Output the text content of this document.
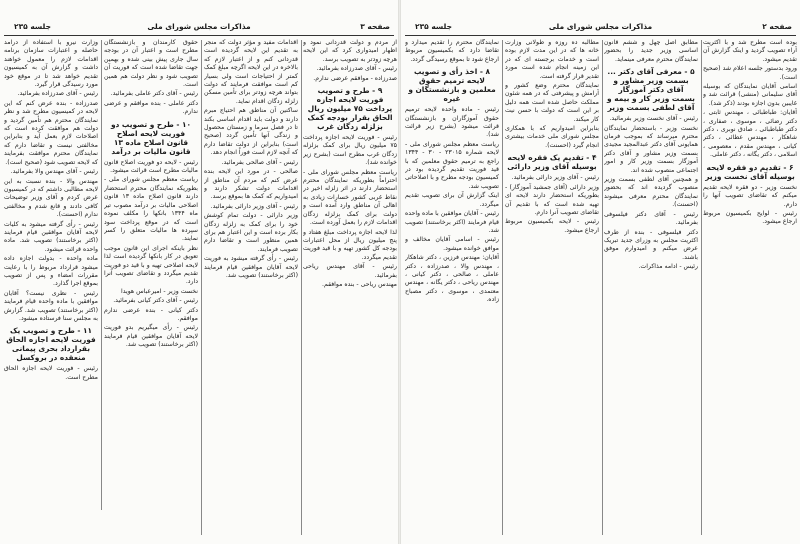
صفحه ۳
مذاکرات مجلس شورای ملی
جلسه ۲۳۵

وزارت نیرو با استفاده از درآمد حاصله و اعتبارات سازمان برنامه اقدامات لازم را معمول خواهند داشت و گزارش آن به کمیسیون تقدیم خواهد شد تا در موقع خود مورد رسیدگی قرار گیرد.

رئیس - آقای صدرزاده بفرمائید.

صدرزاده - بنده عرض کنم که این لایحه در کمیسیون مطرح شد و نظر نمایندگان محترم هم تأمین گردید و دولت هم موافقت کرده است که اصلاحات لازم بعمل آید و بنابراین مخالفتی نیست و تقاضا دارم که نمایندگان محترم موافقت بفرمایند که لایحه تصویب شود (صحیح است).

رئیس - آقای مهندس والا بفرمائید.

مهندس والا - بنده نسبت به این لایحه مطالبی داشتم که در کمیسیون عرض کردم و آقای وزیر توضیحات کافی دادند و قانع شدم و مخالفتی ندارم (احسنت).

رئیس - رأی گرفته میشود به کلیات لایحه آقایان موافقین قیام فرمایند (اکثر برخاستند) تصویب شد. ماده واحده قرائت میشود.

ماده واحده - بدولت اجازه داده میشود قرارداد مربوط را با رعایت مقررات امضاء و پس از تصویب بموقع اجرا گذارد.

رئیس - نظری نیست؟ آقایان موافقین با ماده واحده قیام فرمایند (اکثر برخاستند) تصویب شد. گزارش به مجلس سنا فرستاده میشود.

۱۱ - طرح و تصویب یک فوریت لایحه اجازه الحاق بقرارداد بحری پیمانی منعقده در بروکسل

رئیس - فوریت لایحه اجازه الحاق مطرح است.

حقوق کارمندان و بازنشستگان مطرح است و اعتبار آن در بودجه سال جاری پیش بینی شده و بهمین جهت تقاضا شده است که فوریت آن تصویب شود و نظر دولت هم همین است.

رئیس - آقای دکتر عاملی بفرمائید.

دکتر عاملی - بنده موافقم و عرضی ندارم.

۱۰ - طرح و تصویب دو فوریت لایحه اصلاح قانون اصلاح ماده ۱۳ قانون مالیات بر درآمد

رئیس - لایحه دو فوریت اصلاح قانون مالیات مطرح است قرائت میشود.

ریاست معظم مجلس شورای ملی - بطوریکه نمایندگان محترم استحضار دارند قانون اصلاح ماده ۱۳ قانون اصلاحی مالیات بر درآمد مصوب تیر ماه ۱۳۴۴ بانکها را مکلف نموده است که در موقع پرداخت سود سپرده ها مالیات متعلق را کسر نمایند.

نظر باینکه اجرای این قانون موجب تعویق در کار بانکها گردیده است لذا لایحه اصلاحی تهیه و با قید دو فوریت تقدیم میگردد و تقاضای تصویب آنرا دارد.

نخست وزیر - امیرعباس هویدا

رئیس - آقای دکتر کیانی بفرمائید.

دکتر کیانی - بنده عرضی ندارم موافقم.

رئیس - رأی میگیریم بدو فوریت لایحه آقایان موافقین قیام فرمایند (اکثر برخاستند) تصویب شد.

اقدامات مفید و مؤثر دولت که منجر به تقدیم این لایحه گردیده است قدردانی کنم و از اعتبار لازم که بالاخره در این لایحه اگرچه مبلغ کمک کمتر از احتیاجات است ولی بسیار کم است موافقت فرمایند که دولت بتواند هرچه زودتر برای تأمین مسکن زلزله زدگان اقدام نماید.

ساکنین آن مناطق هم احتیاج مبرم دارند و دولت باید اقدام اساسی بکند تا در فصل سرما و زمستان محصول و زندگی آنها تأمین گردد (صحیح است) بنابراین از دولت تقاضا دارم که آنچه لازم است فوراً انجام دهد.

رئیس - آقای صالحی بفرمائید.

صالحی - در مورد این لایحه بنده عرض کنم که مردم آن مناطق از اقدامات دولت تشکر دارند و امیدواریم که کمک ها بموقع برسد.

رئیس - آقای وزیر دارائی بفرمائید.

وزیر دارائی - دولت تمام کوشش خود را برای کمک به زلزله زدگان بکار برده است و این اعتبار هم برای همین منظور است و تقاضا دارم تصویب فرمایند.

رئیس - رأی گرفته میشود به فوریت لایحه آقایان موافقین قیام فرمایند (اکثر برخاستند) تصویب شد.

از مردم و دولت قدردانی نمود و اظهار امیدواری کرد که این لایحه هرچه زودتر به تصویب برسد.

رئیس - آقای صدرزاده بفرمائید.

صدرزاده - موافقم عرضی ندارم.

۹ - طرح و تصویب فوریت لایحه اجازه پرداخت ۷۵ میلیون ریال الحاق بقرار بودجه کمک بزلزله زدگان غرب

رئیس - فوریت لایحه اجازه پرداخت ۷۵ میلیون ریال برای کمک بزلزله زدگان غرب مطرح است (بشرح زیر خوانده شد).

ریاست معظم مجلس شورای ملی - احتراماً بطوریکه نمایندگان محترم استحضار دارند در اثر زلزله اخیر در نقاط غربی کشور خسارات زیادی به اهالی آن مناطق وارد آمده است و دولت برای کمک بزلزله زدگان اقدامات لازم را بعمل آورده است.

لذا لایحه اجازه پرداخت مبلغ هفتاد و پنج میلیون ریال از محل اعتبارات بودجه کل کشور تهیه و با قید فوریت تقدیم میگردد.

رئیس - آقای مهندس ریاحی بفرمائید.

مهندس ریاحی - بنده موافقم.

صفحه ۲
مذاکرات مجلس شورای ملی
جلسه ۲۳۵

نمایندگان محترم را تقدیم میدارد و تقاضا دارد که بکمیسیون مربوط ارجاع شود تا بموقع رسیدگی گردد.

۸ - اخذ رأی و تصویب لایحه ترمیم حقوق معلمین و بازنشستگان و غیره

رئیس - ماده واحده لایحه ترمیم حقوق آموزگاران و بازنشستگان قرائت میشود (بشرح زیر قرائت شد).

ریاست معظم مجلس شورای ملی - لایحه شماره ۲۳۰۱۵ - ۳۰ - ۱۳۴۴ راجع به ترمیم حقوق معلمین که با قید فوریت تقدیم گردیده بود در کمیسیون بودجه مطرح و با اصلاحاتی تصویب شد.

اینک گزارش آن برای تصویب تقدیم میگردد.

رئیس - آقایان موافقین با ماده واحده قیام فرمایند (اکثر برخاستند) تصویب شد.

رئیس - اسامی آقایان مخالف و موافق خوانده میشود.

آقایان: مهندس فرزین ، دکتر شاهکار ، مهندس والا ، صدرزاده ، دکتر عاملی ، صالحی ، دکتر کیانی ، مهندس ریاحی ، دکتر یگانه ، مهندس معتمدی ، موسوی ، دکتر مصباح زاده.

مطالبه ده روزه و طولانی وزارت خانه ها که در این مدت لازم بوده است و خدمات برجسته ای که در این زمینه انجام شده است مورد تقدیر قرار گرفته است.

نمایندگان محترم وضع کشور و آرامش و پیشرفتی که در همه شئون مملکت حاصل شده است همه دلیل بر این است که دولت با حسن نیت کار میکند.

بنابراین امیدواریم که با همکاری مجلس شورای ملی خدمات بیشتری انجام گیرد (احسنت).

۴ - تقدیم یک فقره لایحه بوسیله آقای وزیر دارائی

رئیس - آقای وزیر دارائی بفرمائید.

وزیر دارائی (آقای جمشید آموزگار) - بطوریکه استحضار دارند لایحه ای تهیه شده است که با تقدیم آن تقاضای تصویب آنرا دارم.

رئیس - لایحه بکمیسیون مربوط ارجاع میشود.

مطابق اصل چهل و ششم قانون اساسی وزیر جدید را بحضور نمایندگان محترم معرفی مینماید.

۵ - معرفی آقای دکتر ... بسمت وزیر مشاور و آقای دکتر آموزگار بسمت وزیر کار و بیمه و آقای لطفی بسمت وزیر

رئیس - آقای نخست وزیر بفرمائید.

نخست وزیر - باستحضار نمایندگان محترم میرساند که بموجب فرمان همایونی آقای دکتر عبدالمجید مجیدی بسمت وزیر مشاور و آقای دکتر آموزگار بسمت وزیر کار و امور اجتماعی منصوب شده اند.

و همچنین آقای لطفی بسمت وزیر منصوب گردیده اند که بحضور نمایندگان محترم معرفی میشوند (احسنت).

رئیس - آقای دکتر فیلسوفی بفرمائید.

دکتر فیلسوفی - بنده از طرف اکثریت مجلس به وزرای جدید تبریک عرض میکنم و امیدوارم موفق باشند.

رئیس - ادامه مذاکرات.

بوده است مطرح شد و با اکثریت آراء تصویب گردید و اینک گزارش آن تقدیم میشود.

ورود بدستور جلسه اعلام شد (صحیح است).

اسامی آقایان نمایندگان که بوسیله آقای سلیمانی (منشی) قرائت شد و غایبین بدون اجازه بودند (ذکر شد).

آقایان: طباطبائی ، مهندس ثابتی ، دکتر رضائی ، موسوی ، صفاری ، دکتر طباطبائی ، صادق نوبری ، دکتر شاهکار ، مهندس عطائی ، دکتر کیانی ، مهندس مقدم ، معصومی ، اسلامی ، دکتر یگانه ، دکتر عاملی.

۶ - تقدیم دو فقره لایحه بوسیله آقای نخست وزیر

نخست وزیر - دو فقره لایحه تقدیم میکنم که تقاضای تصویب آنها را دارم.

رئیس - لوایح بکمیسیون مربوط ارجاع میشود.
